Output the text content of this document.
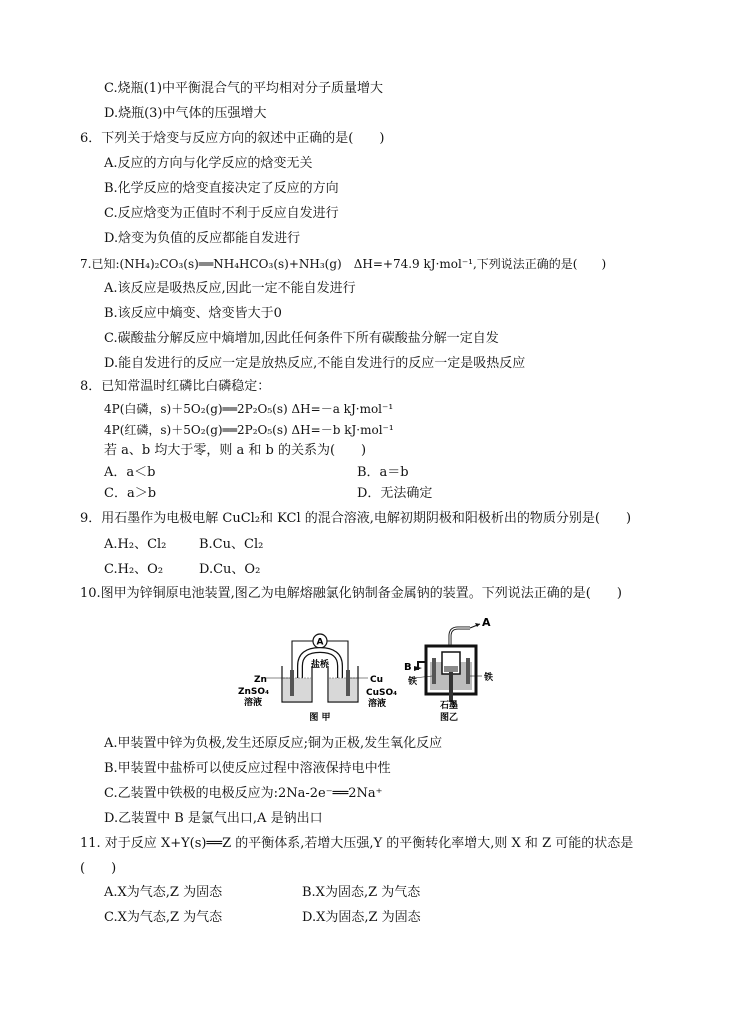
C.烧瓶(1)中平衡混合气的平均相对分子质量增大
D.烧瓶(3)中气体的压强增大
6．下列关于焓变与反应方向的叙述中正确的是(　　)
A.反应的方向与化学反应的焓变无关
B.化学反应的焓变直接决定了反应的方向
C.反应焓变为正值时不利于反应自发进行
D.焓变为负值的反应都能自发进行
7.已知:(NH₄)₂CO₃(s)══NH₄HCO₃(s)+NH₃(g)　ΔH=+74.9 kJ·mol⁻¹,下列说法正确的是(　　)
A.该反应是吸热反应,因此一定不能自发进行
B.该反应中熵变、焓变皆大于0
C.碳酸盐分解反应中熵增加,因此任何条件下所有碳酸盐分解一定自发
D.能自发进行的反应一定是放热反应,不能自发进行的反应一定是吸热反应
8．已知常温时红磷比白磷稳定：
4P(白磷，s)＋5O₂(g)══2P₂O₅(s) ΔH=－a kJ·mol⁻¹
4P(红磷，s)＋5O₂(g)══2P₂O₅(s) ΔH=－b kJ·mol⁻¹
若 a、b 均大于零，则 a 和 b 的关系为(　　)
A．a＜b	B．a＝b
C．a＞b	D．无法确定
9．用石墨作为电极电解 CuCl₂和 KCl 的混合溶液,电解初期阴极和阳极析出的物质分别是(　　)
A.H₂、Cl₂	B.Cu、Cl₂
C.H₂、O₂	D.Cu、O₂
10.图甲为锌铜原电池装置,图乙为电解熔融氯化钠制备金属钠的装置。下列说法正确的是(　　)
A
盐桥
Zn	Cu
ZnSO₄
溶液
CuSO₄
溶液
图 甲
A
B
铁	铁
石墨
图乙
A.甲装置中锌为负极,发生还原反应;铜为正极,发生氧化反应
B.甲装置中盐桥可以使反应过程中溶液保持电中性
C.乙装置中铁极的电极反应为:2Na-2e⁻══2Na⁺
D.乙装置中 B 是氯气出口,A 是钠出口
11. 对于反应 X+Y(s)══Z 的平衡体系,若增大压强,Y 的平衡转化率增大,则 X 和 Z 可能的状态是
(　　)
A.X为气态,Z 为固态	B.X为固态,Z 为气态
C.X为气态,Z 为气态	D.X为固态,Z 为固态
